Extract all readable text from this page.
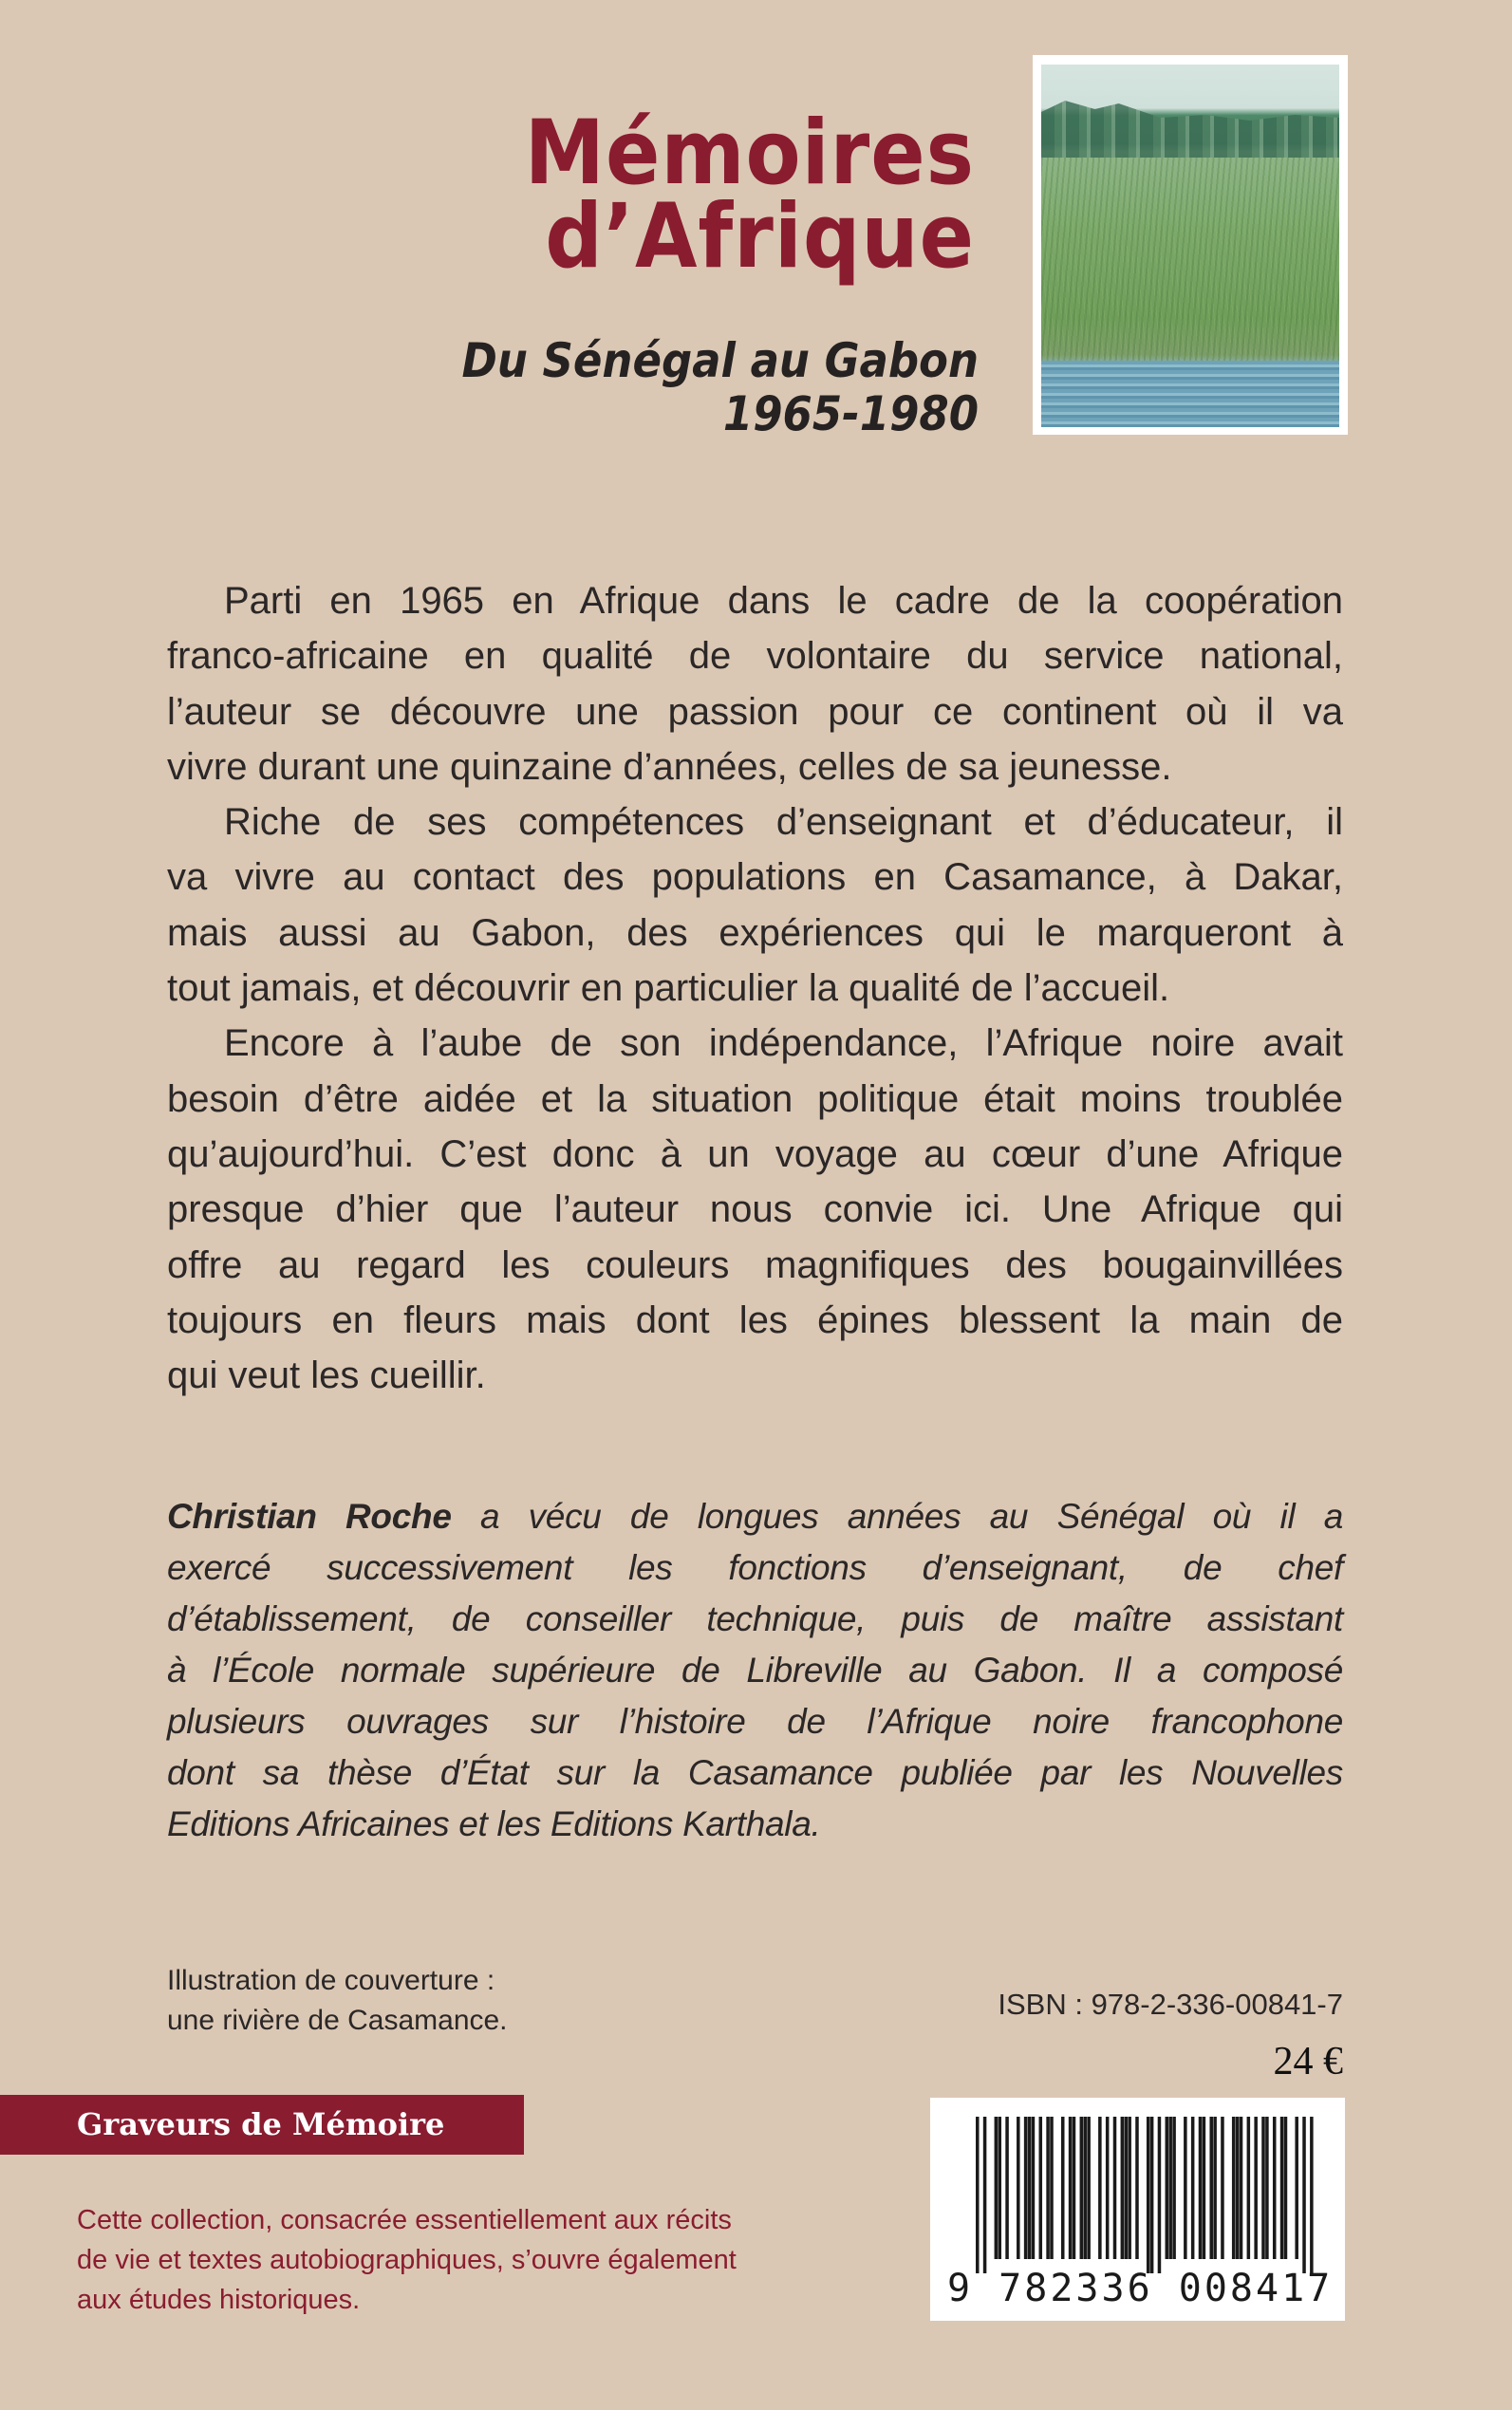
Mémoires
d’Afrique
Du Sénégal au Gabon
1965-1980
Parti en 1965 en Afrique dans le cadre de la coopération
franco-africaine en qualité de volontaire du service national,
l’auteur se découvre une passion pour ce continent où il va
vivre durant une quinzaine d’années, celles de sa jeunesse.
Riche de ses compétences d’enseignant et d’éducateur, il
va vivre au contact des populations en Casamance, à Dakar,
mais aussi au Gabon, des expériences qui le marqueront à
tout jamais, et découvrir en particulier la qualité de l’accueil.
Encore à l’aube de son indépendance, l’Afrique noire avait
besoin d’être aidée et la situation politique était moins troublée
qu’aujourd’hui. C’est donc à un voyage au cœur d’une Afrique
presque d’hier que l’auteur nous convie ici. Une Afrique qui
offre au regard les couleurs magnifiques des bougainvillées
toujours en fleurs mais dont les épines blessent la main de
qui veut les cueillir.
Christian Roche a vécu de longues années au Sénégal où il a
exercé successivement les fonctions d’enseignant, de chef
d’établissement, de conseiller technique, puis de maître assistant
à l’École normale supérieure de Libreville au Gabon. Il a composé
plusieurs ouvrages sur l’histoire de l’Afrique noire francophone
dont sa thèse d’État sur la Casamance publiée par les Nouvelles
Editions Africaines et les Editions Karthala.
Illustration de couverture :
une rivière de Casamance.	ISBN : 978-2-336-00841-7
24 €
Graveurs de Mémoire
Cette collection, consacrée essentiellement aux récits
de vie et textes autobiographiques, s’ouvre également
aux études historiques.	9 782336 008417
